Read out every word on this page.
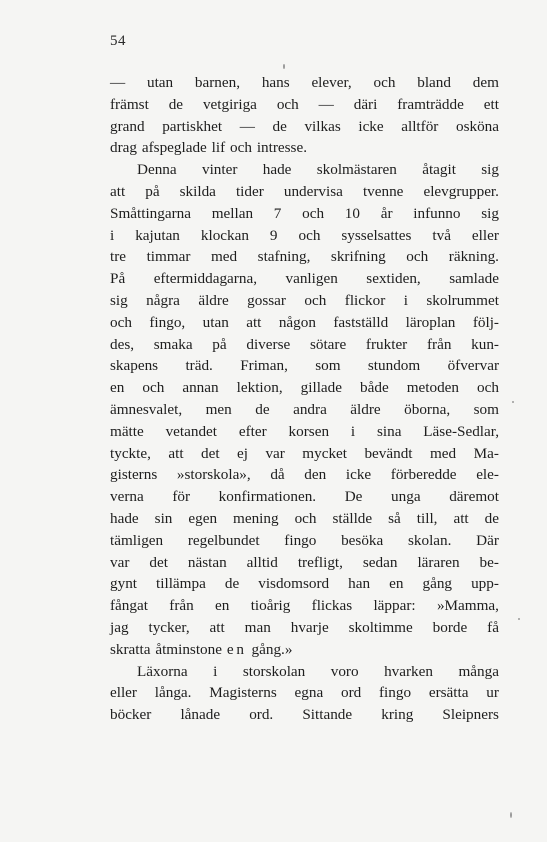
54
— utan barnen, hans elever, och bland dem
främst de vetgiriga och — däri framträdde ett
grand partiskhet — de vilkas icke alltför osköna
drag afspeglade lif och intresse.
Denna vinter hade skolmästaren åtagit sig
att på skilda tider undervisa tvenne elevgrupper.
Småttingarna mellan 7 och 10 år infunno sig
i kajutan klockan 9 och sysselsattes två eller
tre timmar med stafning, skrifning och räkning.
På eftermiddagarna, vanligen sextiden, samlade
sig några äldre gossar och flickor i skolrummet
och fingo, utan att någon fastställd läroplan följ-
des, smaka på diverse sötare frukter från kun-
skapens träd. Friman, som stundom öfvervar
en och annan lektion, gillade både metoden och
ämnesvalet, men de andra äldre öborna, som
mätte vetandet efter korsen i sina Läse-Sedlar,
tyckte, att det ej var mycket bevändt med Ma-
gisterns »storskola», då den icke förberedde ele-
verna för konfirmationen. De unga däremot
hade sin egen mening och ställde så till, att de
tämligen regelbundet fingo besöka skolan. Där
var det nästan alltid trefligt, sedan läraren be-
gynt tillämpa de visdomsord han en gång upp-
fångat från en tioårig flickas läppar: »Mamma,
jag tycker, att man hvarje skoltimme borde få
skratta åtminstone en gång.»
Läxorna i storskolan voro hvarken många
eller långa. Magisterns egna ord fingo ersätta ur
böcker lånade ord. Sittande kring Sleipners
